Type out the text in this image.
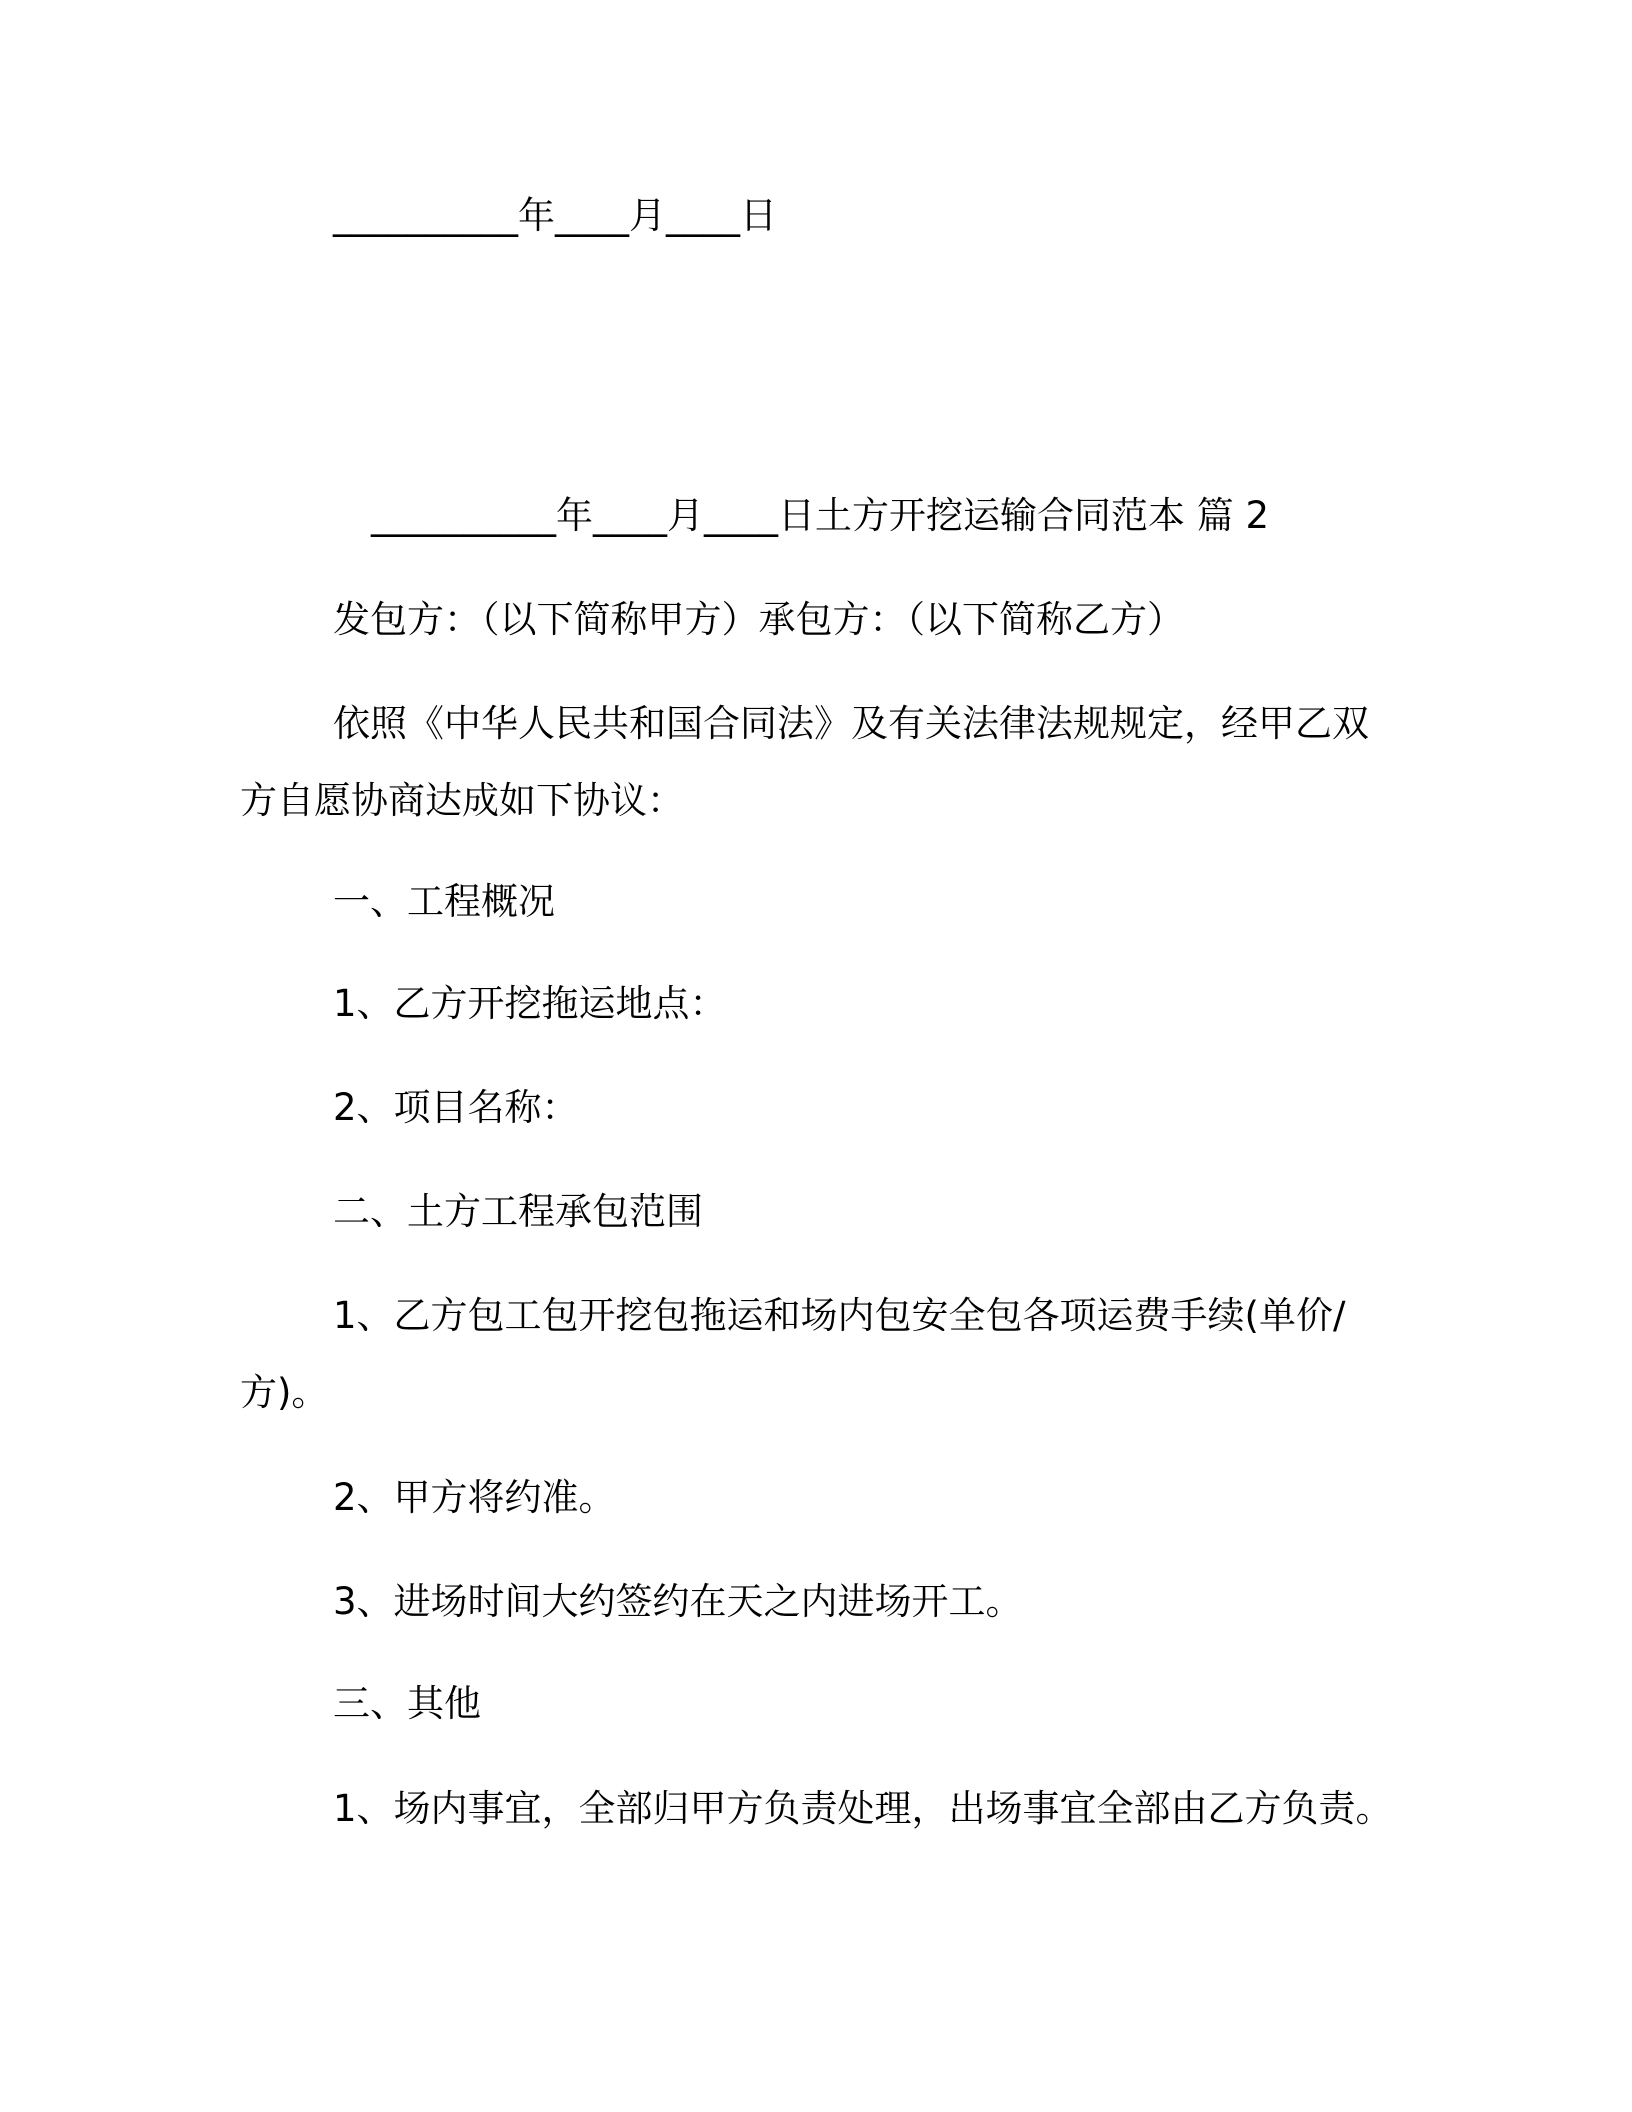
__________年____月____日

__________年____月____日土方开挖运输合同范本 篇 2

发包方：（以下简称甲方）承包方：（以下简称乙方）

依照《中华人民共和国合同法》及有关法律法规规定，经甲乙双

方自愿协商达成如下协议：

一、工程概况

1、乙方开挖拖运地点：

2、项目名称：

二、土方工程承包范围

1、乙方包工包开挖包拖运和场内包安全包各项运费手续(单价/

方)。

2、甲方将约准。

3、进场时间大约签约在天之内进场开工。

三、其他

1、场内事宜，全部归甲方负责处理，出场事宜全部由乙方负责。
